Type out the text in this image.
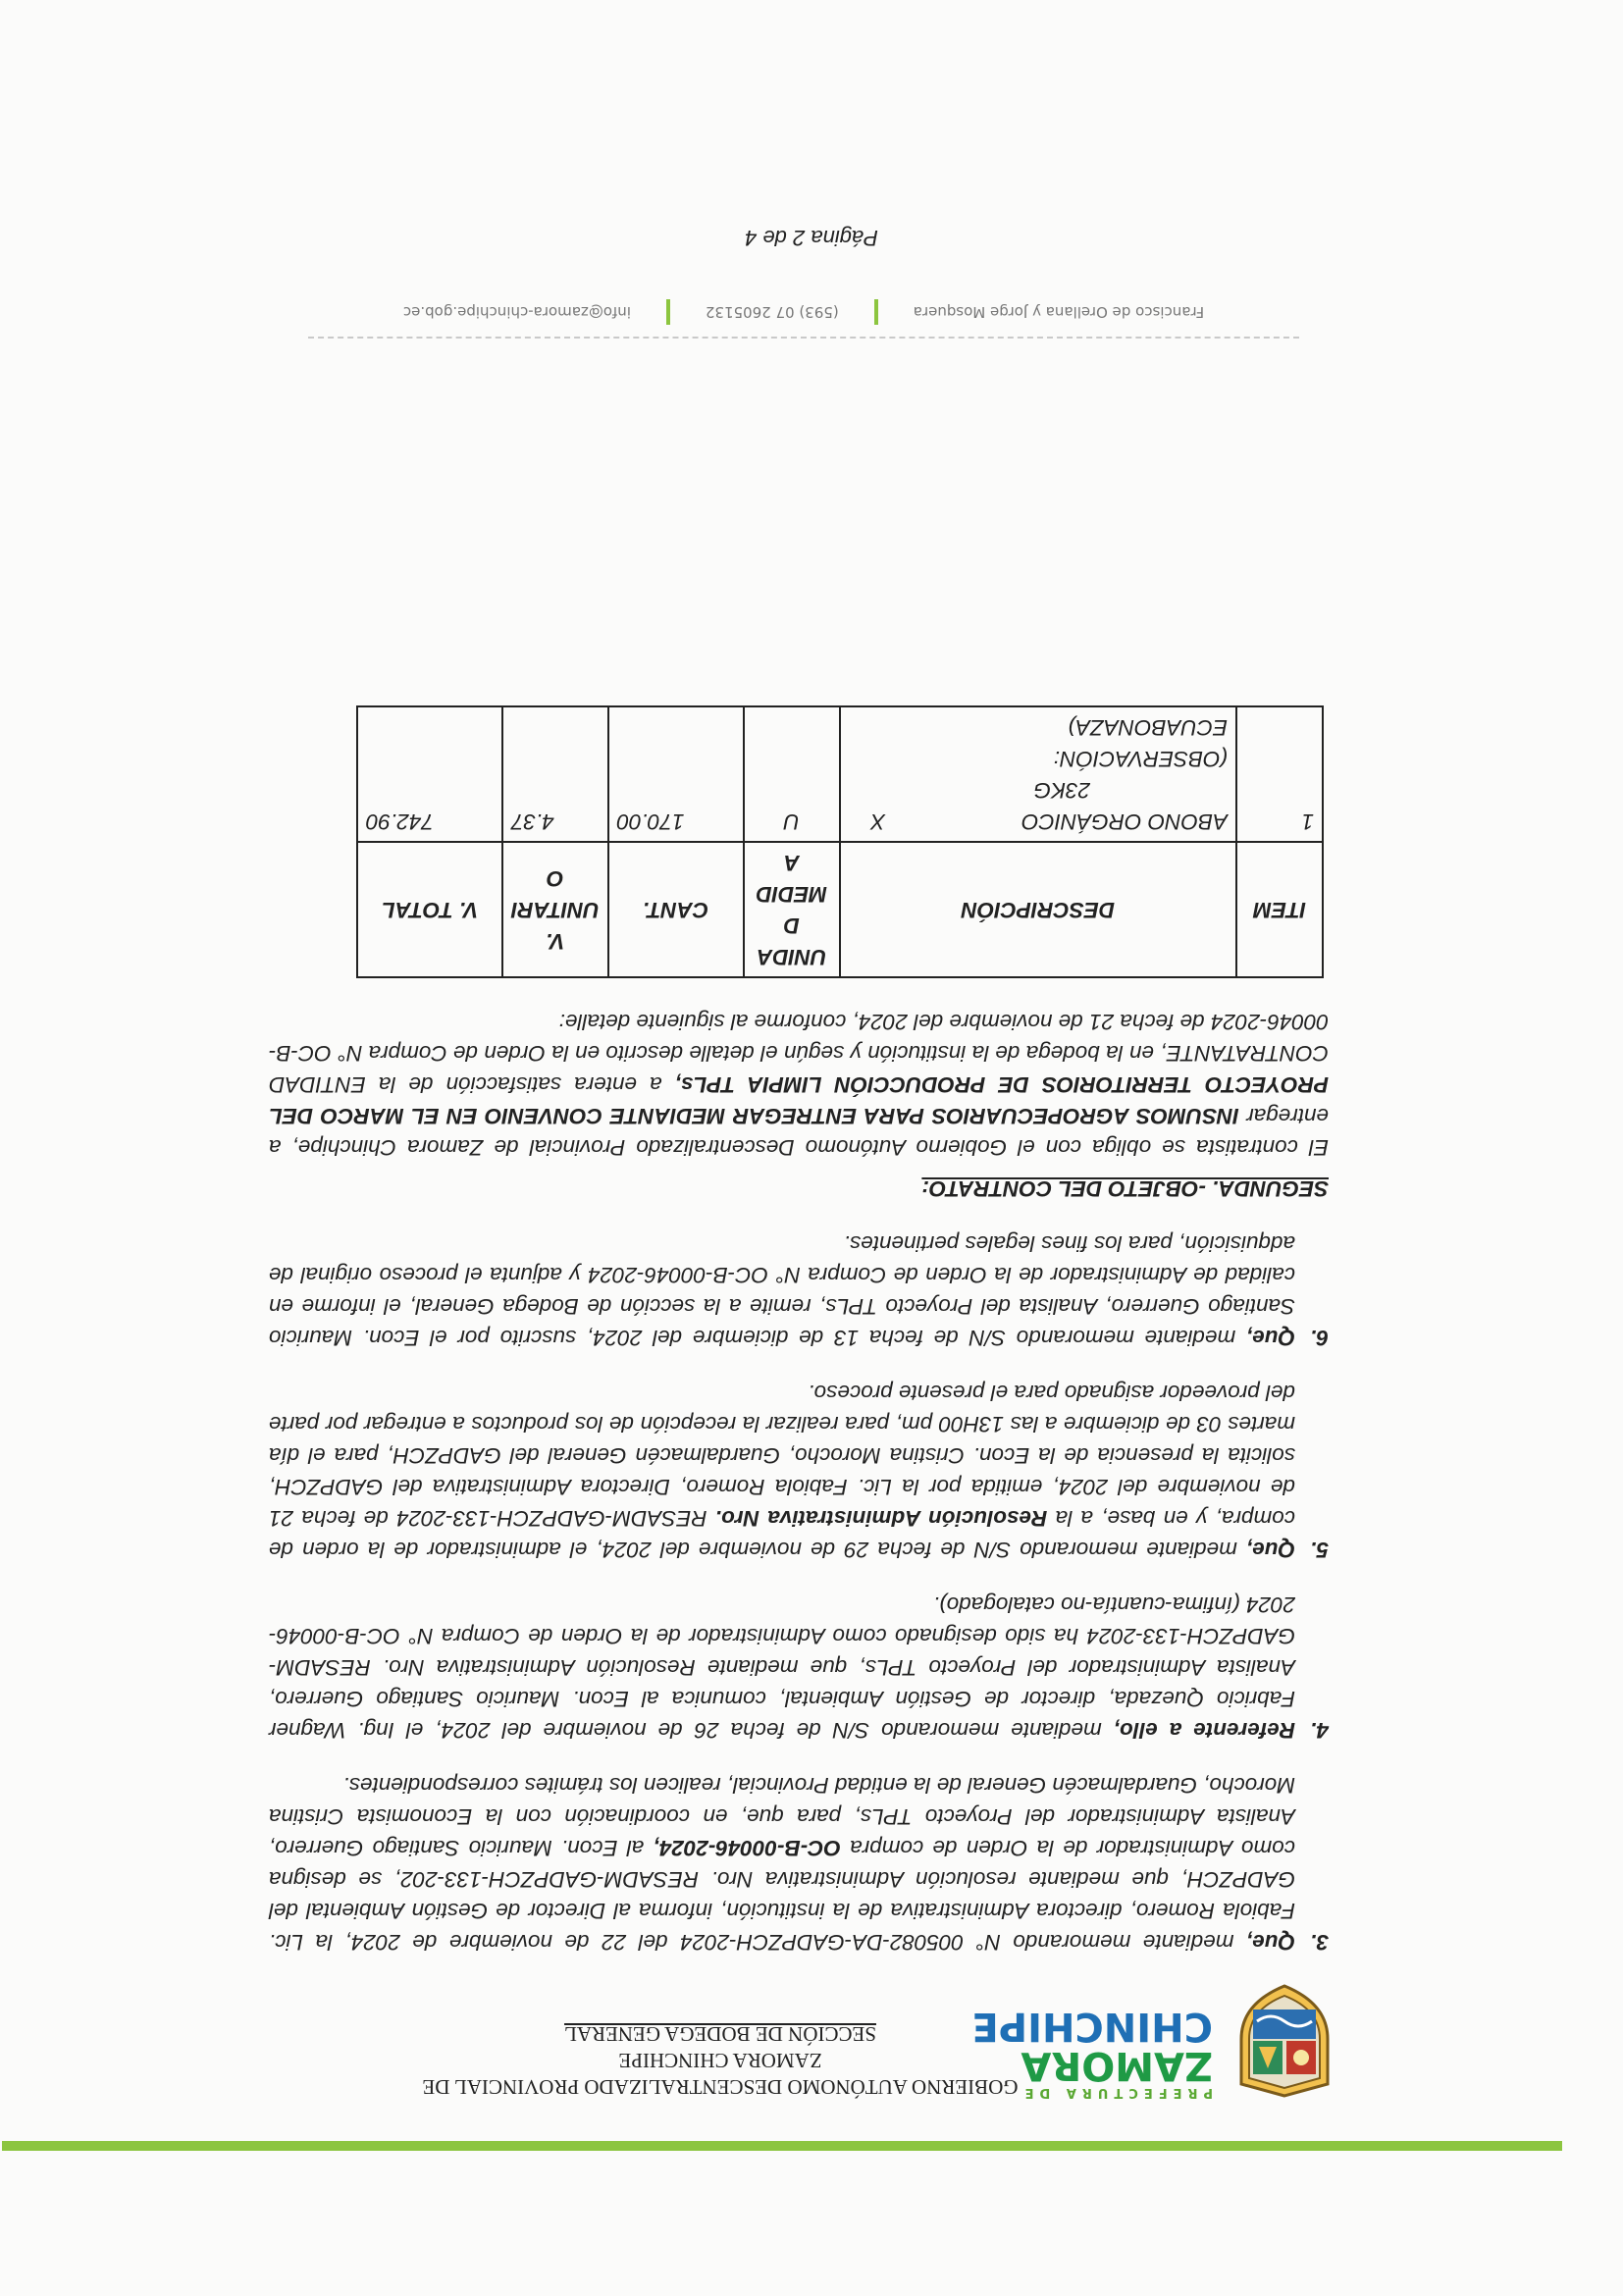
PREFECTURA DE
ZAMORA
CHINCHIPE
GOBIERNO AUTÓNOMO DESCENTRALIZADO PROVINCIAL DE
ZAMORA CHINCHIPE
SECCIÓN DE BODEGA GENERAL
3.
Que, mediante memorando N° 005082-DA-GADPZCH-2024 del 22 de noviembre de 2024, la Lic. Fabiola Romero, directora Administrativa de la institución, informa al Director de Gestión Ambiental del GADPZCH, que mediante resolución Administrativa Nro. RESADM-GADPZCH-133-202, se designa como Administrador de la Orden de compra OC-B-00046-2024, al Econ. Mauricio Santiago Guerrero, Analista Administrador del Proyecto TPLs, para que, en coordinación con la Economista Cristina Morocho, Guardalmacén General de la entidad Provincial, realicen los trámites correspondientes.
4.
Referente a ello, mediante memorando S/N de fecha 26 de noviembre del 2024, el Ing. Wagner Fabricio Quezada, director de Gestión Ambiental, comunica al Econ. Mauricio Santiago Guerrero, Analista Administrador del Proyecto TPLs, que mediante Resolución Administrativa Nro. RESADM-GADPZCH-133-2024 ha sido designado como Administrador de la Orden de Compra N° OC-B-00046-2024 (ínfima-cuantía-no catalogado).
5.
Que, mediante memorando S/N de fecha 29 de noviembre del 2024, el administrador de la orden de compra, y en base, a la Resolución Administrativa Nro. RESADM-GADPZCH-133-2024 de fecha 21 de noviembre del 2024, emitida por la Lic. Fabiola Romero, Directora Administrativa del GADPZCH, solicita la presencia de la Econ. Cristina Morocho, Guardalmacén General del GADPZCH, para el día martes 03 de diciembre a las 13H00 pm, para realizar la recepción de los productos a entregar por parte del proveedor asignado para el presente proceso.
6.
Que, mediante memorando S/N de fecha 13 de diciembre del 2024, suscrito por el Econ. Mauricio Santiago Guerrero, Analista del Proyecto TPLs, remite a la sección de Bodega General, el informe en calidad de Administrador de la Orden de Compra N° OC-B-00046-2024 y adjunta el proceso original de adquisición, para los fines legales pertinentes.
SEGUNDA. -OBJETO DEL CONTRATO:
El contratista se obliga con el Gobierno Autónomo Descentralizado Provincial de Zamora Chinchipe, a entregar INSUMOS AGROPECUARIOS PARA ENTREGAR MEDIANTE CONVENIO EN EL MARCO DEL PROYECTO TERRITORIOS DE PRODUCCIÓN LIMPIA TPLs, a entera satisfacción de la ENTIDAD CONTRATANTE, en la bodega de la institución y según el detalle descrito en la Orden de Compra N° OC-B-00046-2024 de fecha 21 de noviembre del 2024, conforme al siguiente detalle:
ITEM	DESCRIPCIÓN		UNIDA D MEDID A	CANT.	V. UNITARI O	V. TOTAL
1	ABONO ORGÁNICO
23KG
(OBSERVACIÓN: ECUABONAZA)	X	U	170.00	4.37	742.90
Francisco de Orellana y Jorge Mosquera
(593) 07 2605132
info@zamora-chinchipe.gob.ec
Página 2 de 4
